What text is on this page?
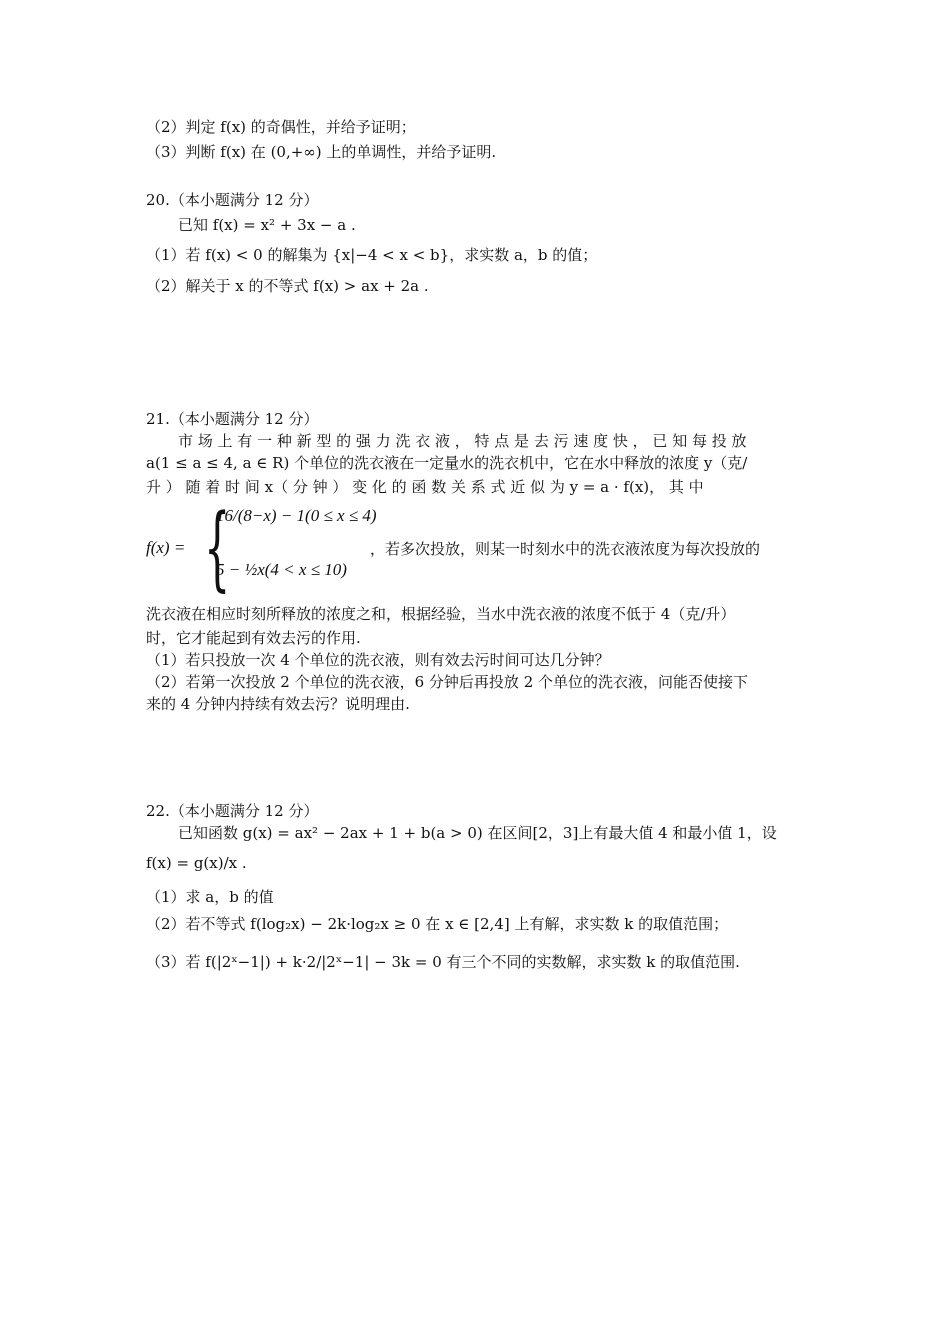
（2）判定 f(x) 的奇偶性，并给予证明；
（3）判断 f(x) 在 (0,+∞) 上的单调性，并给予证明.
20.（本小题满分 12 分）
已知 f(x) = x² + 3x − a .
（1）若 f(x) < 0 的解集为 {x|−4 < x < b}，求实数 a，b 的值；
（2）解关于 x 的不等式 f(x) > ax + 2a .
21.（本小题满分 12 分）
市 场 上 有 一 种 新 型 的 强 力 洗 衣 液 ， 特 点 是 去 污 速 度 快 ， 已 知 每 投 放
a(1 ≤ a ≤ 4, a ∈ R) 个单位的洗衣液在一定量水的洗衣机中，它在水中释放的浓度 y（克/
升 ） 随 着 时 间 x（ 分 钟 ） 变 化 的 函 数 关 系 式 近 似 为 y = a · f(x)， 其 中
f(x) = {
16/(8−x) − 1(0 ≤ x ≤ 4)
5 − ½x(4 < x ≤ 10)
，若多次投放，则某一时刻水中的洗衣液浓度为每次投放的
洗衣液在相应时刻所释放的浓度之和，根据经验，当水中洗衣液的浓度不低于 4（克/升）
时，它才能起到有效去污的作用.
（1）若只投放一次 4 个单位的洗衣液，则有效去污时间可达几分钟？
（2）若第一次投放 2 个单位的洗衣液，6 分钟后再投放 2 个单位的洗衣液，问能否使接下
来的 4 分钟内持续有效去污？说明理由.
22.（本小题满分 12 分）
已知函数 g(x) = ax² − 2ax + 1 + b(a > 0) 在区间[2，3]上有最大值 4 和最小值 1，设
f(x) = g(x)/x .
（1）求 a，b 的值
（2）若不等式 f(log₂x) − 2k·log₂x ≥ 0 在 x ∈ [2,4] 上有解，求实数 k 的取值范围；
（3）若 f(|2ˣ−1|) + k·2/|2ˣ−1| − 3k = 0 有三个不同的实数解，求实数 k 的取值范围.
